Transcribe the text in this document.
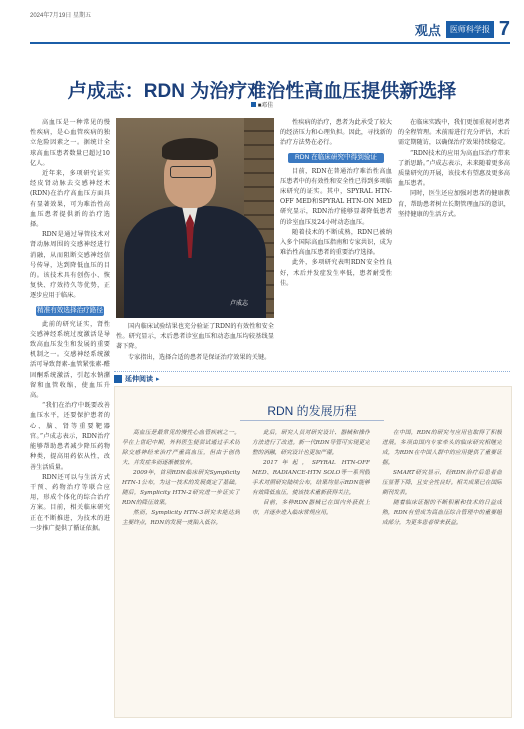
2024年7月19日 星期五
观点	医师科学报 7
卢成志：RDN 为治疗难治性高血压提供新选择
■邓佳

高血压是一种常见的慢性疾病，是心血管疾病的独立危险因素之一。据统计全球高血压患者数量已超过10亿人。

近年来，多项研究证实经皮肾动脉去交感神经术(RDN)在治疗高血压方面具有显著效果，可为难治性高血压患者提供新的治疗选择。

RDN是通过导管技术对肾动脉周围的交感神经进行消融，从而阻断交感神经信号传导，达到降低血压的目的。该技术具有创伤小、恢复快、疗效持久等优势，正逐步应用于临床。

精准有效选择治疗路径

此前的研究证实，肾性交感神经系统过度激活是导致高血压发生和发展的重要机制之一。交感神经系统激活可导致肾素-血管紧张素-醛固酮系统激活，引起水钠潴留和血管收缩，使血压升高。

“我们在治疗中既要改善血压水平，还要保护患者的心、脑、肾等重要靶器官。”卢成志表示，RDN治疗能够帮助患者减少降压药物种类，提高用药依从性，改善生活质量。

RDN还可以与生活方式干预、药物治疗等联合应用，形成个体化的综合治疗方案。目前，相关临床研究正在不断推进，为技术的进一步推广提供了循证依据。

卢成志

国内临床试验结果也充分验证了RDN的有效性和安全性。研究显示，术后患者诊室血压和动态血压均较基线显著下降。

专家指出，选择合适的患者是保证治疗效果的关键。

性疾病的治疗，患者为此承受了较大的经济压力和心理负担。因此，寻找新的治疗方法势在必行。

RDN 在临床研究中得到验证

目前，RDN在普通治疗难治性高血压患者中的有效性和安全性已得到多项临床研究的证实。其中，SPYRAL HTN-OFF MED和SPYRAL HTN-ON MED研究显示，RDN治疗能够显著降低患者的诊室血压及24小时动态血压。

随着技术的不断成熟，RDN已被纳入多个国际高血压指南和专家共识，成为难治性高血压患者的重要治疗选择。

此外，多项研究表明RDN安全性良好，术后并发症发生率低，患者耐受性佳。

在临床实践中，我们更加重视对患者的全程管理。术前需进行充分评估，术后需定期随访，以确保治疗效果持续稳定。

“RDN技术的应用为高血压治疗带来了新思路。”卢成志表示，未来随着更多高质量研究的开展，该技术有望惠及更多高血压患者。

同时，医生还应加强对患者的健康教育，帮助患者树立长期管理血压的意识，坚持健康的生活方式。

延伸阅读 ▸
RDN 的发展历程

高血压是最常见的慢性心血管疾病之一。早在上世纪中期，外科医生便尝试通过手术切除交感神经来治疗严重高血压，但由于创伤大、并发症多而逐渐被放弃。

2009年，首项RDN临床研究Symplicity HTN-1公布，为这一技术的发展奠定了基础。随后，Symplicity HTN-2研究进一步证实了RDN的降压效果。

然而，Symplicity HTN-3研究未能达到主要终点，RDN的发展一度陷入低谷。

此后，研究人员对研究设计、器械和操作方法进行了改进。新一代RDN导管可实现更完整的消融，研究设计也更加严谨。

2017年起，SPYRAL HTN-OFF MED、RADIANCE-HTN SOLO等一系列假手术对照研究陆续公布，结果均显示RDN能够有效降低血压，使该技术重新获得关注。

目前，多种RDN器械已在国内外获批上市，并逐步进入临床常规应用。

在中国，RDN的研究与应用也取得了积极进展。多项由国内专家牵头的临床研究相继完成，为RDN在中国人群中的应用提供了重要证据。

SMART研究显示，经RDN治疗后患者血压显著下降，且安全性良好。相关成果已在国际期刊发表。

随着临床证据的不断积累和技术的日益成熟，RDN有望成为高血压综合管理中的重要组成部分，为更多患者带来获益。
